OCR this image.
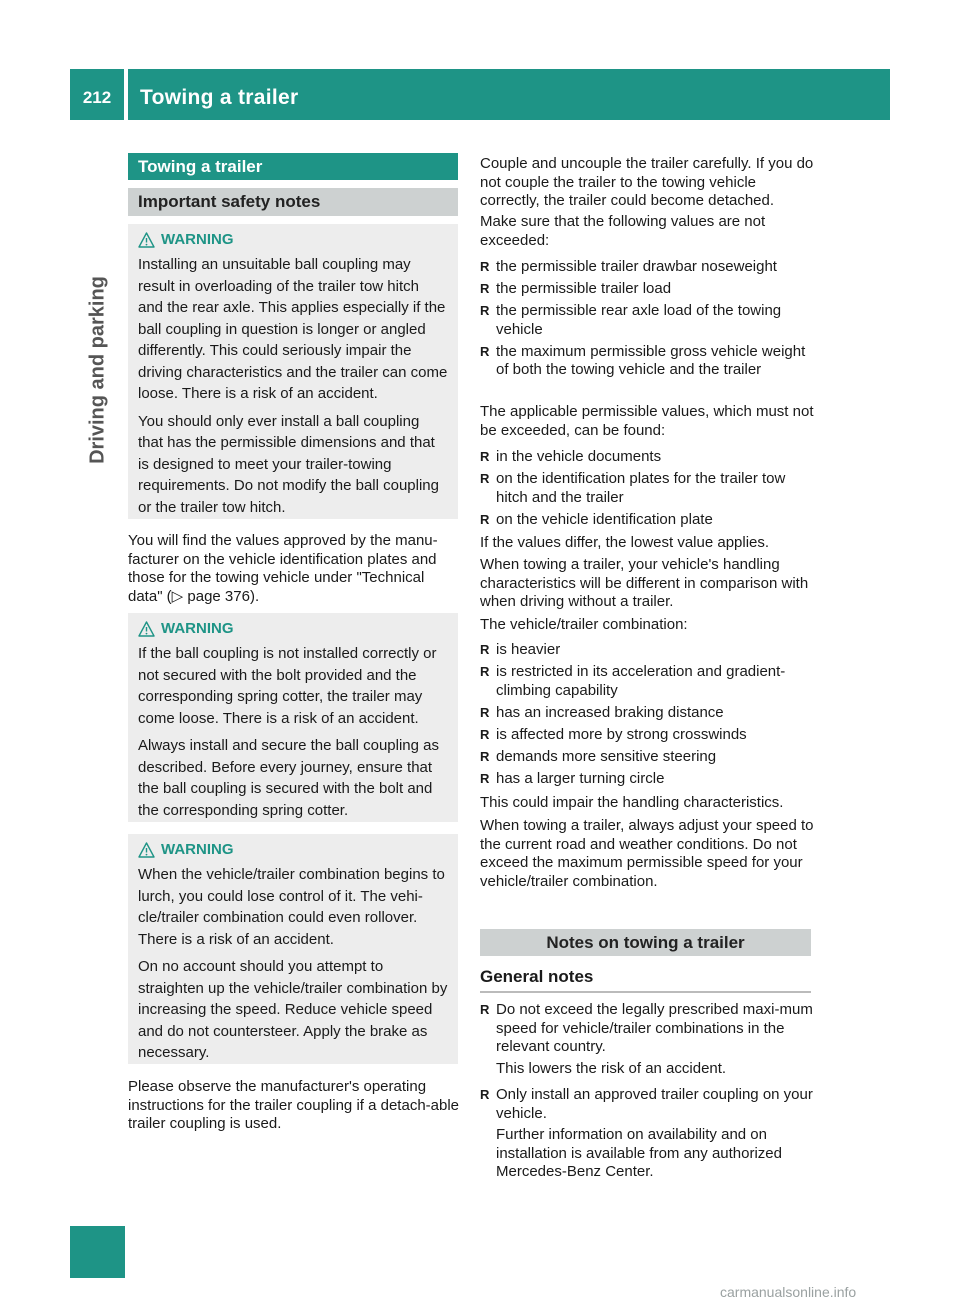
212	Towing a trailer
Driving and parking
Towing a trailer
Important safety notes
WARNING

Installing an unsuitable ball coupling may result in overloading of the trailer tow hitch and the rear axle. This applies especially if the ball coupling in question is longer or angled differently. This could seriously impair the driving characteristics and the trailer can come loose. There is a risk of an accident.

You should only ever install a ball coupling that has the permissible dimensions and that is designed to meet your trailer-towing requirements. Do not modify the ball coupling or the trailer tow hitch.

You will find the values approved by the manu-facturer on the vehicle identification plates and those for the towing vehicle under "Technical data" (▷ page 376).

WARNING

If the ball coupling is not installed correctly or not secured with the bolt provided and the corresponding spring cotter, the trailer may come loose. There is a risk of an accident.

Always install and secure the ball coupling as described. Before every journey, ensure that the ball coupling is secured with the bolt and the corresponding spring cotter.

WARNING

When the vehicle/trailer combination begins to lurch, you could lose control of it. The vehi-cle/trailer combination could even rollover. There is a risk of an accident.

On no account should you attempt to straighten up the vehicle/trailer combination by increasing the speed. Reduce vehicle speed and do not countersteer. Apply the brake as necessary.

Please observe the manufacturer's operating instructions for the trailer coupling if a detach-able trailer coupling is used.

Couple and uncouple the trailer carefully. If you do not couple the trailer to the towing vehicle correctly, the trailer could become detached.

Make sure that the following values are not exceeded:

R the permissible trailer drawbar noseweight
R the permissible trailer load
R the permissible rear axle load of the towing vehicle
R the maximum permissible gross vehicle weight of both the towing vehicle and the trailer

The applicable permissible values, which must not be exceeded, can be found:

R in the vehicle documents
R on the identification plates for the trailer tow hitch and the trailer
R on the vehicle identification plate

If the values differ, the lowest value applies.

When towing a trailer, your vehicle's handling characteristics will be different in comparison with when driving without a trailer.

The vehicle/trailer combination:

R is heavier
R is restricted in its acceleration and gradient-climbing capability
R has an increased braking distance
R is affected more by strong crosswinds
R demands more sensitive steering
R has a larger turning circle

This could impair the handling characteristics.

When towing a trailer, always adjust your speed to the current road and weather conditions. Do not exceed the maximum permissible speed for your vehicle/trailer combination.

Notes on towing a trailer
General notes
R Do not exceed the legally prescribed maxi-mum speed for vehicle/trailer combinations in the relevant country.
This lowers the risk of an accident.
R Only install an approved trailer coupling on your vehicle.
Further information on availability and on installation is available from any authorized Mercedes-Benz Center.
carmanualsonline.info
